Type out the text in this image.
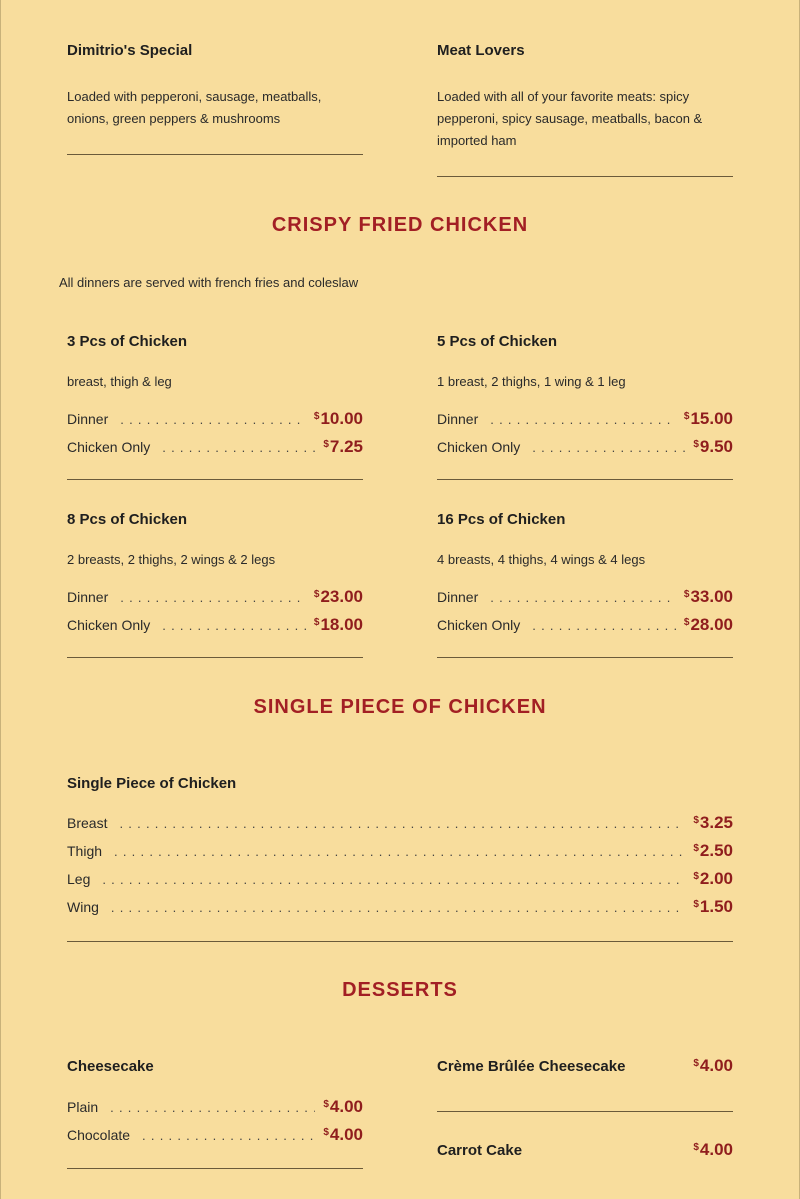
Dimitrio's Special
Loaded with pepperoni, sausage, meatballs, onions, green peppers & mushrooms
Meat Lovers
Loaded with all of your favorite meats: spicy pepperoni, spicy sausage, meatballs, bacon & imported ham
CRISPY FRIED CHICKEN
All dinners are served with french fries and coleslaw
3 Pcs of Chicken
breast, thigh & leg
Dinner . . .	$10.00
Chicken Only . . .	$7.25
5 Pcs of Chicken
1 breast, 2 thighs, 1 wing & 1 leg
Dinner . . .	$15.00
Chicken Only . . .	$9.50
8 Pcs of Chicken
2 breasts, 2 thighs, 2 wings & 2 legs
Dinner . . .	$23.00
Chicken Only . . .	$18.00
16 Pcs of Chicken
4 breasts, 4 thighs, 4 wings & 4 legs
Dinner . . .	$33.00
Chicken Only . . .	$28.00
SINGLE PIECE OF CHICKEN
Single Piece of Chicken
Breast . . .	$3.25
Thigh . . .	$2.50
Leg . . .	$2.00
Wing . . .	$1.50
DESSERTS
Cheesecake
Plain . . .	$4.00
Chocolate . . .	$4.00
Crème Brûlée Cheesecake	$4.00
Carrot Cake	$4.00
